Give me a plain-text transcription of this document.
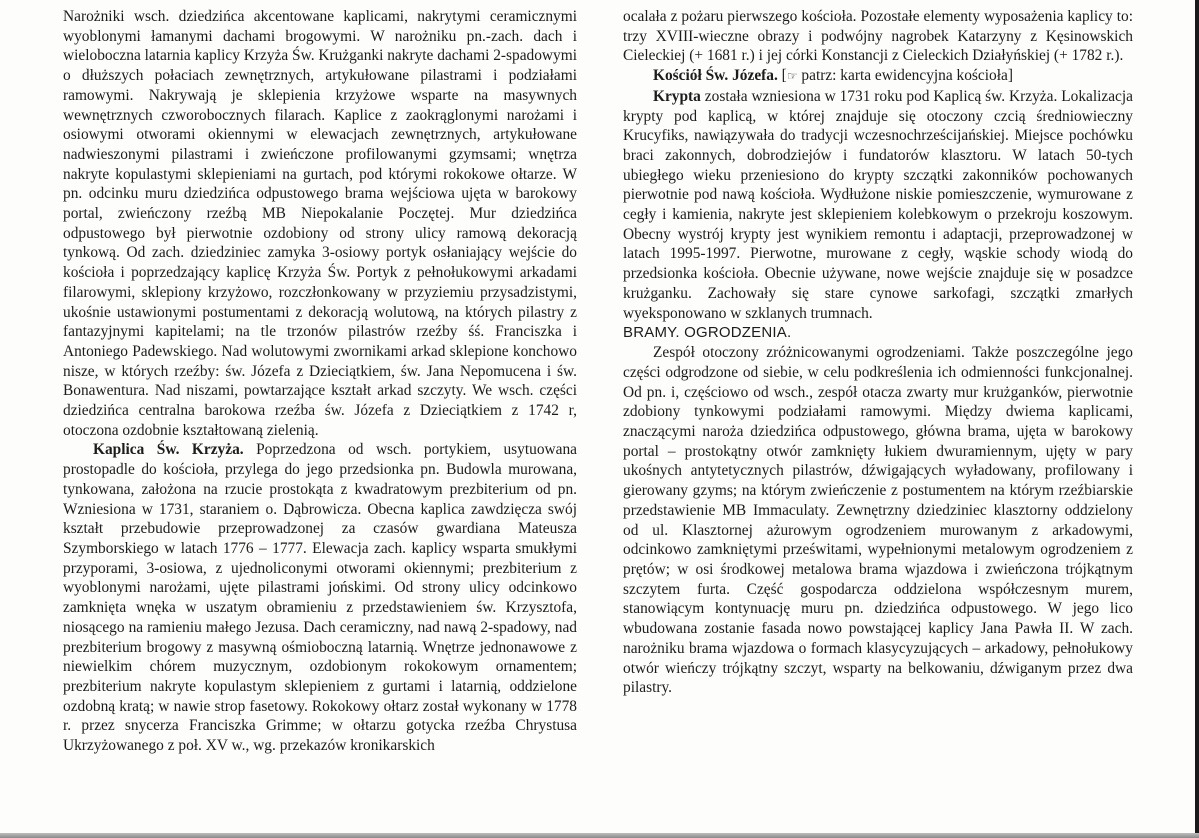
Narożniki wsch. dziedzińca akcentowane kaplicami, nakrytymi ceramicznymi wyoblonymi łamanymi dachami brogowymi. W narożniku pn.-zach. dach i wieloboczna latarnia kaplicy Krzyża Św. Krużganki nakryte dachami 2-spadowymi o dłuższych połaciach zewnętrznych, artykułowane pilastrami i podziałami ramowymi. Nakrywają je sklepienia krzyżowe wsparte na masywnych wewnętrznych czworobocznych filarach. Kaplice z zaokrąglonymi narożami i osiowymi otworami okiennymi w elewacjach zewnętrznych, artykułowane nadwieszonymi pilastrami i zwieńczone profilowanymi gzymsami; wnętrza nakryte kopulastymi sklepieniami na gurtach, pod którymi rokokowe ołtarze. W pn. odcinku muru dziedzińca odpustowego brama wejściowa ujęta w barokowy portal, zwieńczony rzeźbą MB Niepokalanie Poczętej. Mur dziedzińca odpustowego był pierwotnie ozdobiony od strony ulicy ramową dekoracją tynkową. Od zach. dziedziniec zamyka 3-osiowy portyk osłaniający wejście do kościoła i poprzedzający kaplicę Krzyża Św. Portyk z pełnołukowymi arkadami filarowymi, sklepiony krzyżowo, rozczłonkowany w przyziemiu przysadzistymi, ukośnie ustawionymi postumentami z dekoracją wolutową, na których pilastry z fantazyjnymi kapitelami; na tle trzonów pilastrów rzeźby śś. Franciszka i Antoniego Padewskiego. Nad wolutowymi zwornikami arkad sklepione konchowo nisze, w których rzeźby: św. Józefa z Dzieciątkiem, św. Jana Nepomucena i św. Bonawentura. Nad niszami, powtarzające kształt arkad szczyty. We wsch. części dziedzińca centralna barokowa rzeźba św. Józefa z Dzieciątkiem z 1742 r, otoczona ozdobnie kształtowaną zielenią.

Kaplica Św. Krzyża. Poprzedzona od wsch. portykiem, usytuowana prostopadle do kościoła, przylega do jego przedsionka pn. Budowla murowana, tynkowana, założona na rzucie prostokąta z kwadratowym prezbiterium od pn. Wzniesiona w 1731, staraniem o. Dąbrowicza. Obecna kaplica zawdzięcza swój kształt przebudowie przeprowadzonej za czasów gwardiana Mateusza Szymborskiego w latach 1776 – 1777. Elewacja zach. kaplicy wsparta smukłymi przyporami, 3-osiowa, z ujednoliconymi otworami okiennymi; prezbiterium z wyoblonymi narożami, ujęte pilastrami jońskimi. Od strony ulicy odcinkowo zamknięta wnęka w uszatym obramieniu z przedstawieniem św. Krzysztofa, niosącego na ramieniu małego Jezusa. Dach ceramiczny, nad nawą 2-spadowy, nad prezbiterium brogowy z masywną ośmioboczną latarnią. Wnętrze jednonawowe z niewielkim chórem muzycznym, ozdobionym rokokowym ornamentem; prezbiterium nakryte kopulastym sklepieniem z gurtami i latarnią, oddzielone ozdobną kratą; w nawie strop fasetowy. Rokokowy ołtarz został wykonany w 1778 r. przez snycerza Franciszka Grimme; w ołtarzu gotycka rzeźba Chrystusa Ukrzyżowanego z poł. XV w., wg. przekazów kronikarskich

ocalała z pożaru pierwszego kościoła. Pozostałe elementy wyposażenia kaplicy to: trzy XVIII-wieczne obrazy i podwójny nagrobek Katarzyny z Kęsinowskich Cieleckiej (+ 1681 r.) i jej córki Konstancji z Cieleckich Działyńskiej (+ 1782 r.).

Kościół Św. Józefa. [☞ patrz: karta ewidencyjna kościoła]

Krypta została wzniesiona w 1731 roku pod Kaplicą św. Krzyża. Lokalizacja krypty pod kaplicą, w której znajduje się otoczony czcią średniowieczny Krucyfiks, nawiązywała do tradycji wczesnochrześcijańskiej. Miejsce pochówku braci zakonnych, dobrodziejów i fundatorów klasztoru. W latach 50-tych ubiegłego wieku przeniesiono do krypty szczątki zakonników pochowanych pierwotnie pod nawą kościoła. Wydłużone niskie pomieszczenie, wymurowane z cegły i kamienia, nakryte jest sklepieniem kolebkowym o przekroju koszowym. Obecny wystrój krypty jest wynikiem remontu i adaptacji, przeprowadzonej w latach 1995-1997. Pierwotne, murowane z cegły, wąskie schody wiodą do przedsionka kościoła. Obecnie używane, nowe wejście znajduje się w posadzce krużganku. Zachowały się stare cynowe sarkofagi, szczątki zmarłych wyeksponowano w szklanych trumnach.

BRAMY. OGRODZENIA.

Zespół otoczony zróżnicowanymi ogrodzeniami. Także poszczególne jego części odgrodzone od siebie, w celu podkreślenia ich odmienności funkcjonalnej. Od pn. i, częściowo od wsch., zespół otacza zwarty mur krużganków, pierwotnie zdobiony tynkowymi podziałami ramowymi. Między dwiema kaplicami, znaczącymi naroża dziedzińca odpustowego, główna brama, ujęta w barokowy portal – prostokątny otwór zamknięty łukiem dwuramiennym, ujęty w pary ukośnych antytetycznych pilastrów, dźwigających wyładowany, profilowany i gierowany gzyms; na którym zwieńczenie z postumentem na którym rzeźbiarskie przedstawienie MB Immaculaty. Zewnętrzny dziedziniec klasztorny oddzielony od ul. Klasztornej ażurowym ogrodzeniem murowanym z arkadowymi, odcinkowo zamkniętymi prześwitami, wypełnionymi metalowym ogrodzeniem z prętów; w osi środkowej metalowa brama wjazdowa i zwieńczona trójkątnym szczytem furta. Część gospodarcza oddzielona współczesnym murem, stanowiącym kontynuację muru pn. dziedzińca odpustowego. W jego lico wbudowana zostanie fasada nowo powstającej kaplicy Jana Pawła II. W zach. narożniku brama wjazdowa o formach klasycyzujących – arkadowy, pełnołukowy otwór wieńczy trójkątny szczyt, wsparty na belkowaniu, dźwiganym przez dwa pilastry.
